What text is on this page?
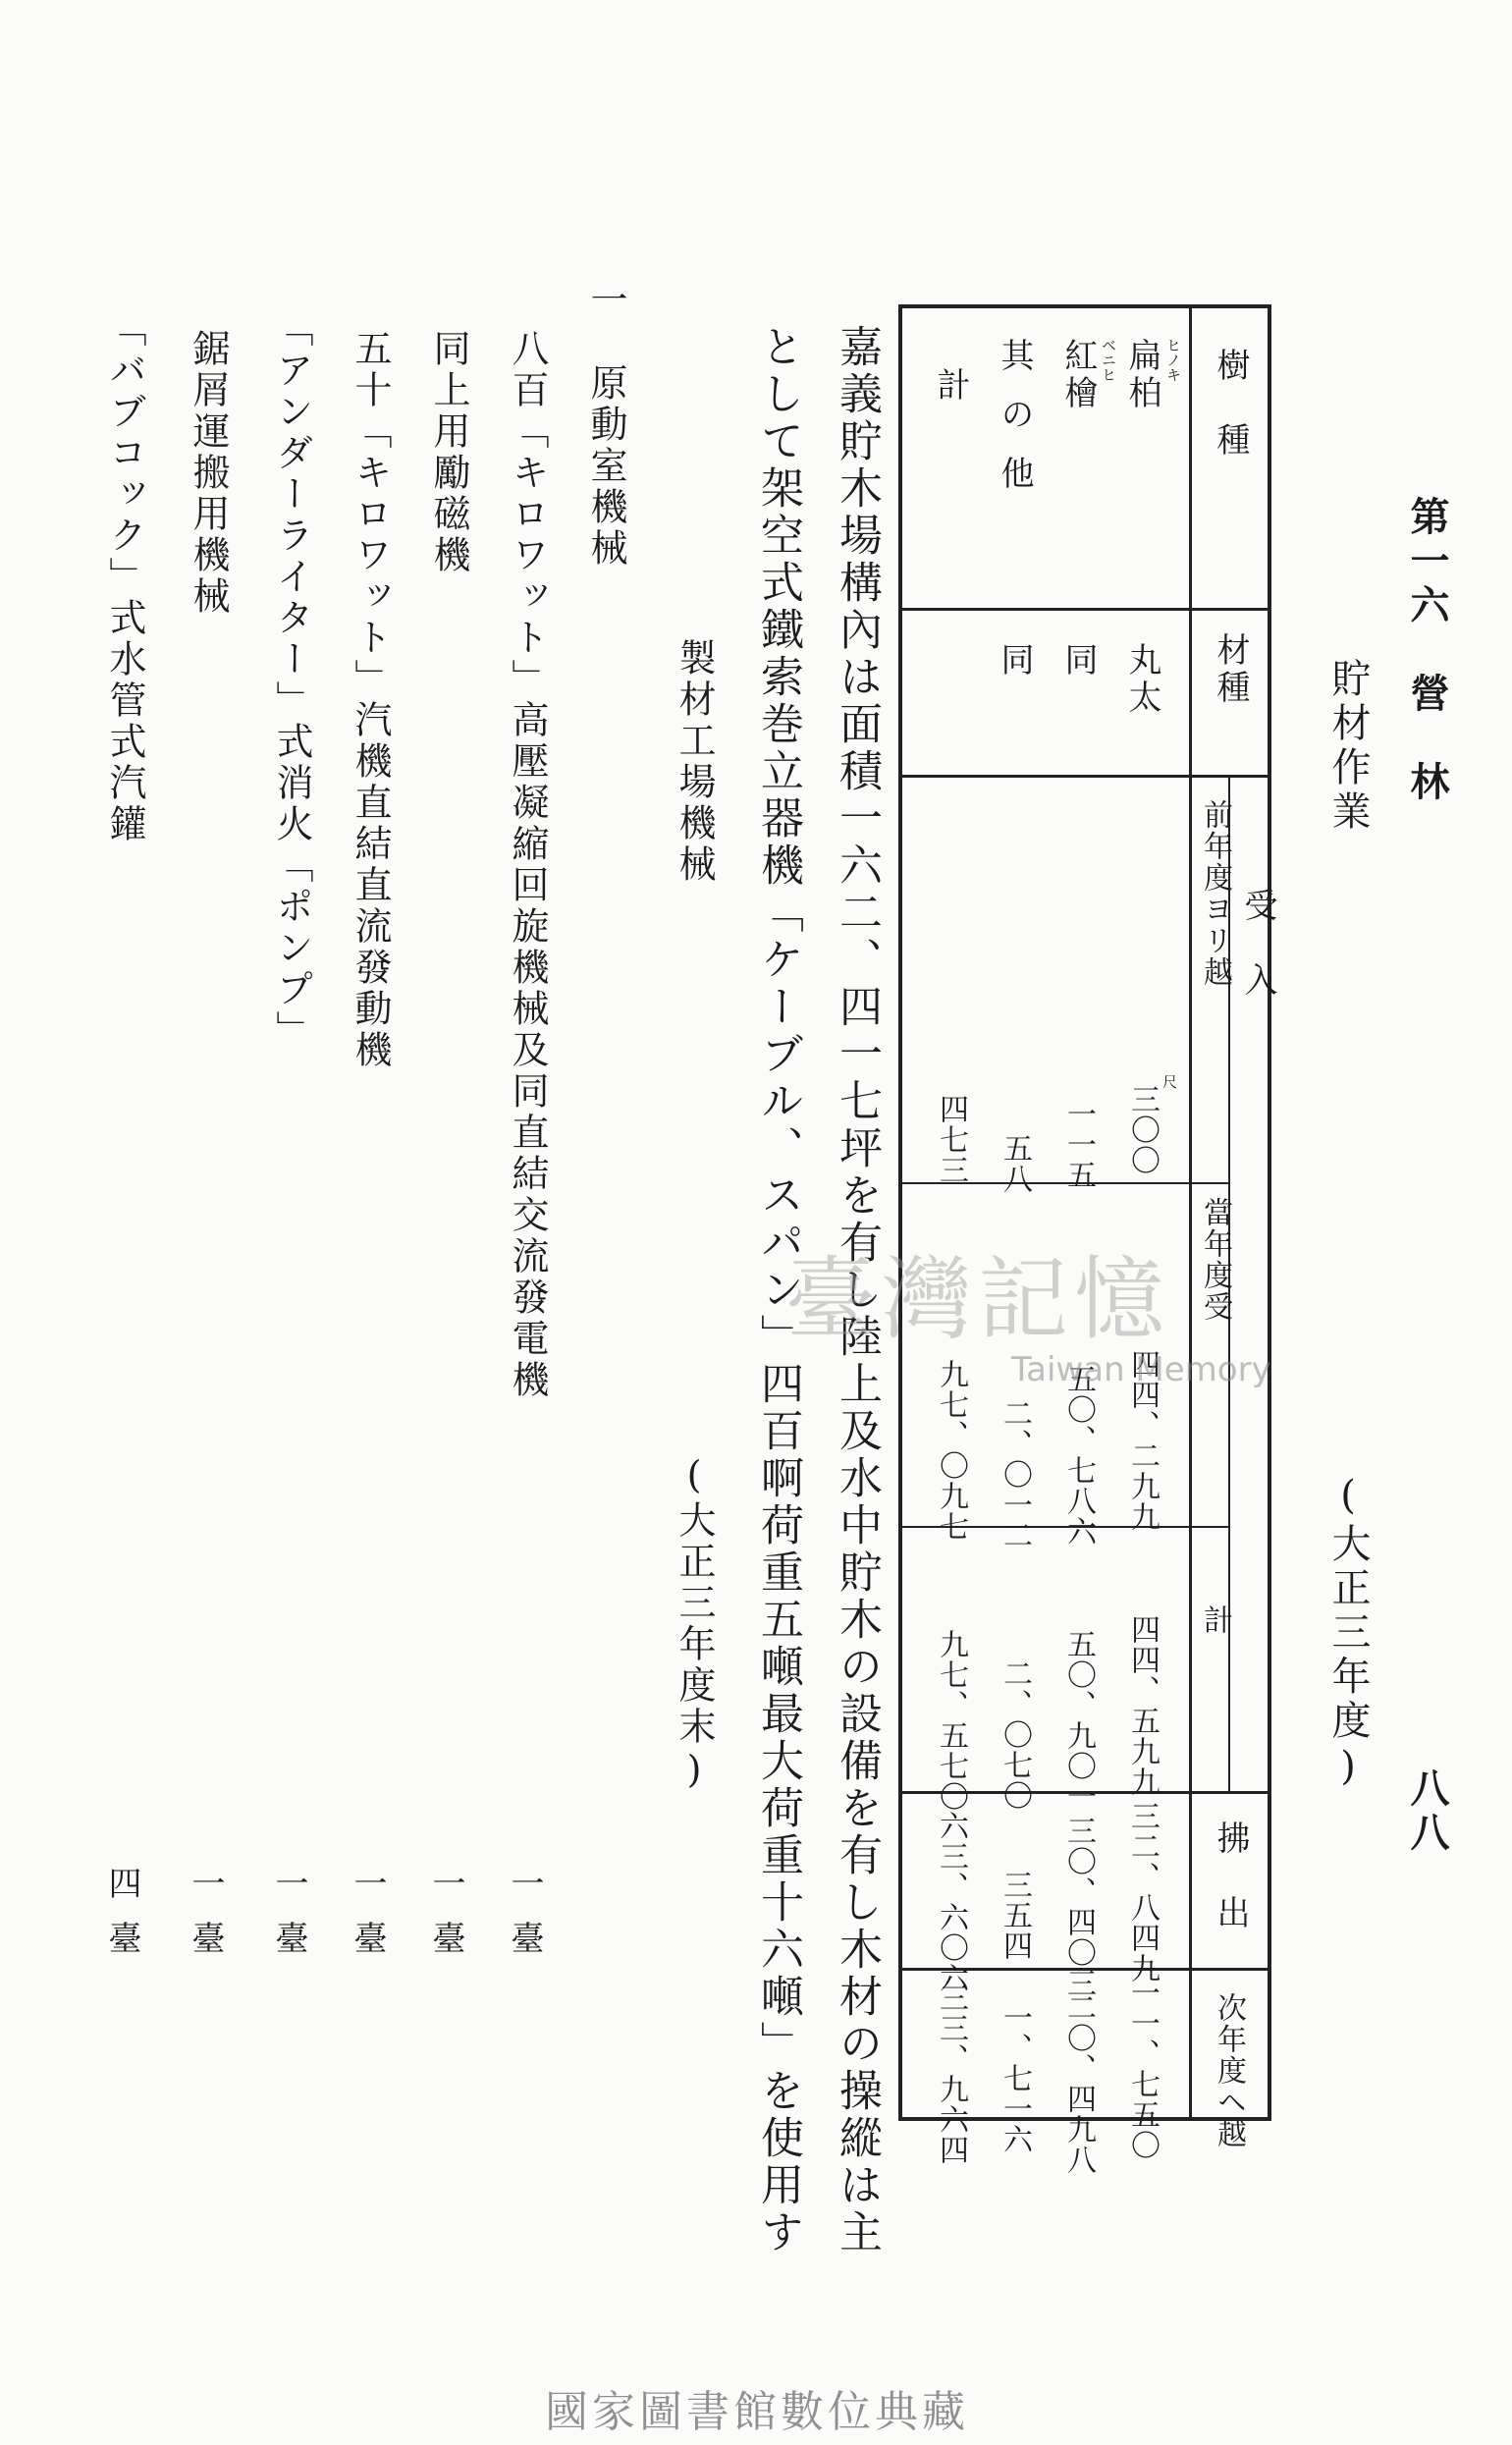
第一六　營　林
八八
貯材作業
(大正三年度)
樹　種
材種
受　入
前年度ヨリ越
當年度受
計
拂　出
次年度ヘ越
扁柏 ヒノキ
丸太
三〇〇
四四、二九九
四四、五九九
三二、八四九
一一、七五〇
尺
紅檜 ベニヒ
同
一一五
五〇、七八六
五〇、九〇一
三〇、四〇三
二〇、四九八
其の他
同
五八
二、〇一二
二、〇七〇
三五四
一、七一六
計
四七三
九七、〇九七
九七、五七〇
六三、六〇六
三三、九六四
嘉義貯木場構內は面積一六二、四一七坪を有し陸上及水中貯木の設備を有し木材の操縱は主
として架空式鐵索巻立器機「ケーブル、スパン」四百啊荷重五噸最大荷重十六噸」を使用す
製材工場機械
(大正三年度末)
一
原動室機械
八百「キロワット」高壓凝縮回旋機械及同直結交流發電機
一臺
同上用勵磁機
一臺
五十「キロワット」汽機直結直流發動機
一臺
「アンダーライター」式消火「ポンプ」
一臺
鋸屑運搬用機械
一臺
「バブコック」式水管式汽鑵
四臺
臺灣記憶
Taiwan Memory
國家圖書館數位典藏
